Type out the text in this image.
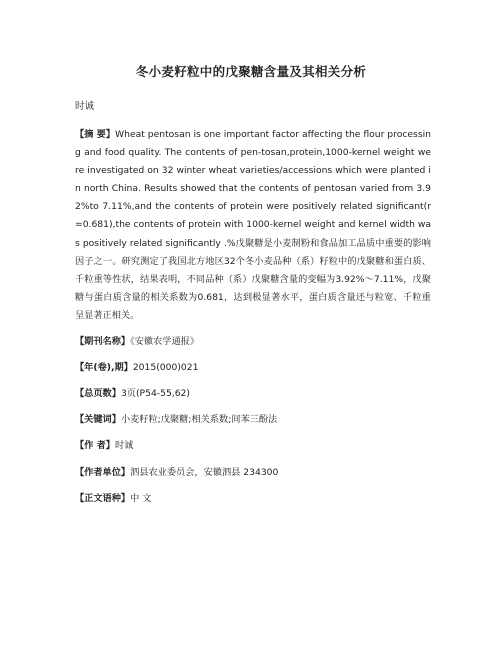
冬小麦籽粒中的戊聚糖含量及其相关分析
时诚

【摘 要】Wheat pentosan is one important factor affecting the flour processing and food quality. The contents of pen-tosan,protein,1000-kernel weight were investigated on 32 winter wheat varieties/accessions which were planted in north China. Results showed that the contents of pentosan varied from 3.92%to 7.11%,and the contents of protein were positively related significant(r=0.681),the contents of protein with 1000-kernel weight and kernel width was positively related significantly .%戊聚糖是小麦制粉和食品加工品质中重要的影响因子之一。研究测定了我国北方地区32个冬小麦品种（系）籽粒中的戊聚糖和蛋白质、千粒重等性状，结果表明，不同品种（系）戊聚糖含量的变幅为3.92%～7.11%，戊聚糖与蛋白质含量的相关系数为0.681，达到极显著水平，蛋白质含量还与粒宽、千粒重呈显著正相关。

【期刊名称】《安徽农学通报》

【年(卷),期】2015(000)021

【总页数】3页(P54-55,62)

【关键词】小麦籽粒;戊聚糖;相关系数;间苯三酚法

【作 者】时诚

【作者单位】泗县农业委员会，安徽泗县 234300

【正文语种】中 文
